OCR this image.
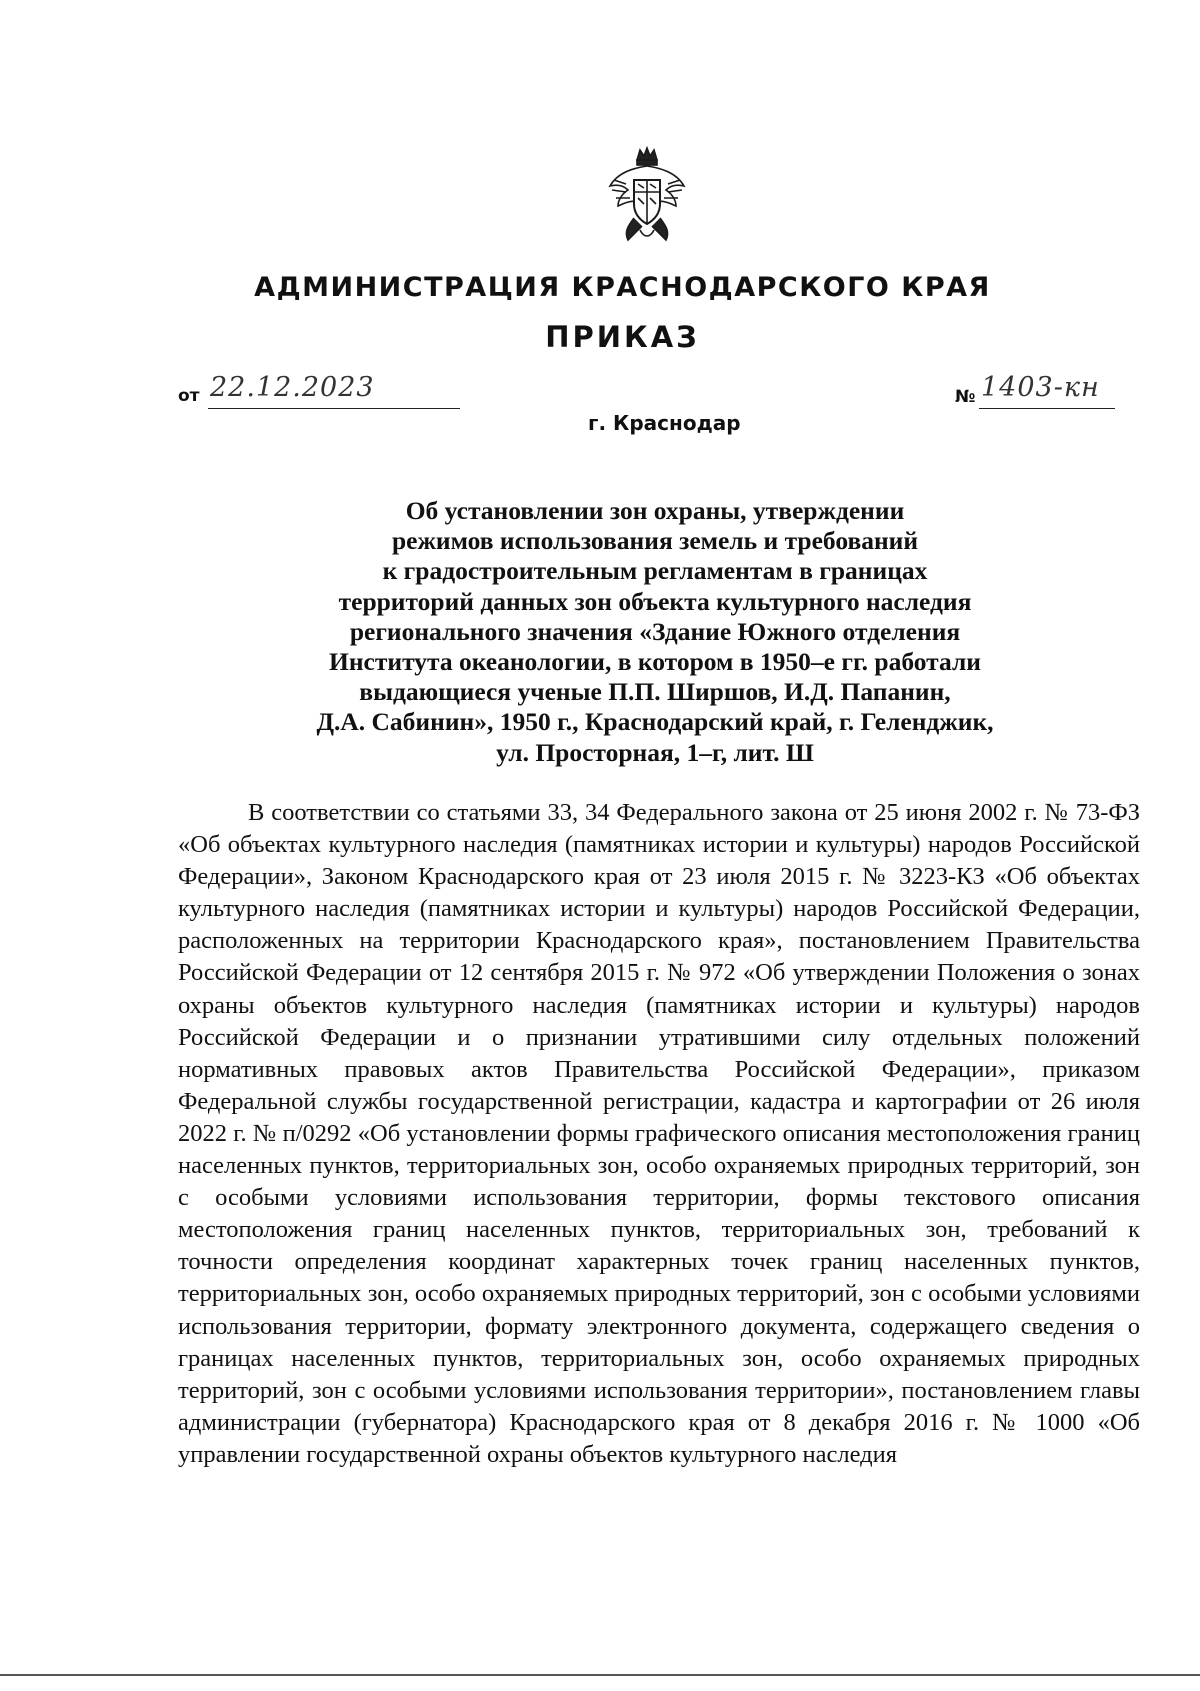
АДМИНИСТРАЦИЯ КРАСНОДАРСКОГО КРАЯ
ПРИКАЗ
от 22.12.2023	№ 1403-кн
г. Краснодар
Об установлении зон охраны, утверждении
режимов использования земель и требований
к градостроительным регламентам в границах
территорий данных зон объекта культурного наследия
регионального значения «Здание Южного отделения
Института океанологии, в котором в 1950–е гг. работали
выдающиеся ученые П.П. Ширшов, И.Д. Папанин,
Д.А. Сабинин», 1950 г., Краснодарский край, г. Геленджик,
ул. Просторная, 1–г, лит. Ш

В соответствии со статьями 33, 34 Федерального закона от 25 июня 2002 г. № 73-ФЗ «Об объектах культурного наследия (памятниках истории и культуры) народов Российской Федерации», Законом Краснодарского края от 23 июля 2015 г. № 3223-КЗ «Об объектах культурного наследия (памятниках истории и культуры) народов Российской Федерации, расположенных на территории Краснодарского края», постановлением Правительства Российской Федерации от 12 сентября 2015 г. № 972 «Об утверждении Положения о зонах охраны объектов культурного наследия (памятниках истории и культуры) народов Российской Федерации и о признании утратившими силу отдельных положений нормативных правовых актов Правительства Российской Федерации», приказом Федеральной службы государственной регистрации, кадастра и картографии от 26 июля 2022 г. № п/0292 «Об установлении формы графического описания местоположения границ населенных пунктов, территориальных зон, особо охраняемых природных территорий, зон с особыми условиями использования территории, формы текстового описания местоположения границ населенных пунктов, территориальных зон, требований к точности определения координат характерных точек границ населенных пунктов, территориальных зон, особо охраняемых природных территорий, зон с особыми условиями использования территории, формату электронного документа, содержащего сведения о границах населенных пунктов, территориальных зон, особо охраняемых природных территорий, зон с особыми условиями использования территории», постановлением главы администрации (губернатора) Краснодарского края от 8 декабря 2016 г. № 1000 «Об управлении государственной охраны объектов культурного наследия
